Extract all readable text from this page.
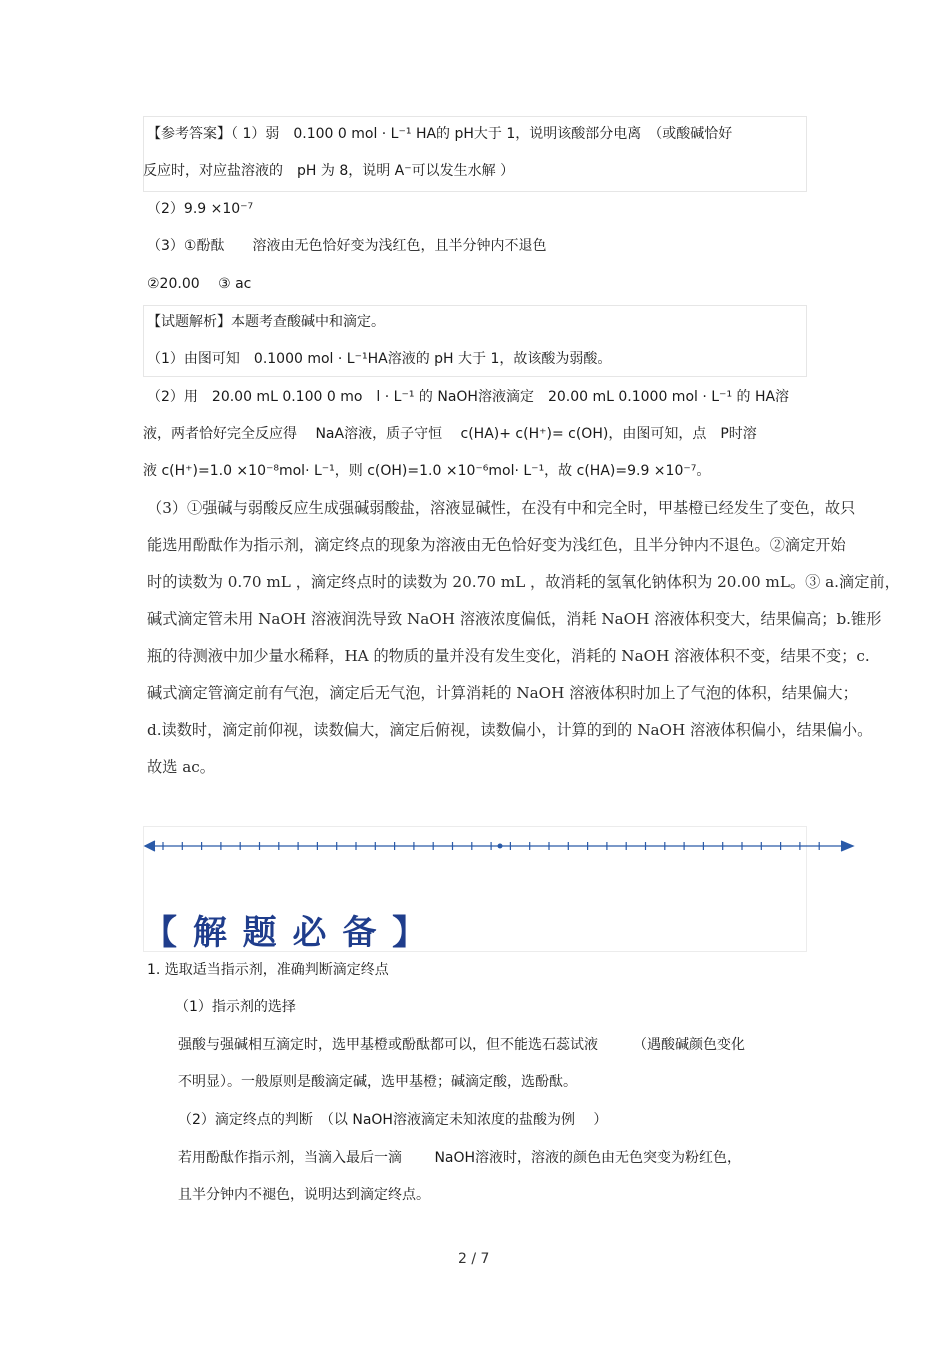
【参考答案】（ 1）弱　0.100 0 mol · L⁻¹ HA的 pH大于 1，说明该酸部分电离　（或酸碱恰好
反应时，对应盐溶液的　pH 为 8，说明 A⁻可以发生水解 ）
（2）9.9 ×10⁻⁷
（3）①酚酞　　溶液由无色恰好变为浅红色，且半分钟内不退色
②20.00　 ③ ac
【试题解析】本题考查酸碱中和滴定。
（1）由图可知　0.1000 mol · L⁻¹HA溶液的 pH 大于 1，故该酸为弱酸。
（2）用　20.00 mL 0.100 0 mo　l · L⁻¹ 的 NaOH溶液滴定　20.00 mL 0.1000 mol · L⁻¹ 的 HA溶
液，两者恰好完全反应得　 NaA溶液，质子守恒　 c(HA)+ c(H⁺)= c(OH)，由图可知，点　P时溶
液 c(H⁺)=1.0 ×10⁻⁸mol· L⁻¹，则 c(OH)=1.0 ×10⁻⁶mol· L⁻¹，故 c(HA)=9.9 ×10⁻⁷。
（3）①强碱与弱酸反应生成强碱弱酸盐，溶液显碱性，在没有中和完全时，甲基橙已经发生了变色，故只
能选用酚酞作为指示剂，滴定终点的现象为溶液由无色恰好变为浅红色，且半分钟内不退色。②滴定开始
时的读数为 0.70 mL ，滴定终点时的读数为 20.70 mL ，故消耗的氢氧化钠体积为 20.00 mL。③ a.滴定前，
碱式滴定管未用 NaOH 溶液润洗导致 NaOH 溶液浓度偏低，消耗 NaOH 溶液体积变大，结果偏高；b.锥形
瓶的待测液中加少量水稀释，HA 的物质的量并没有发生变化，消耗的 NaOH 溶液体积不变，结果不变；c.
碱式滴定管滴定前有气泡，滴定后无气泡，计算消耗的 NaOH 溶液体积时加上了气泡的体积，结果偏大；
d.读数时，滴定前仰视，读数偏大，滴定后俯视，读数偏小，计算的到的 NaOH 溶液体积偏小，结果偏小。
故选 ac。
【 解 题 必 备 】
1. 选取适当指示剂，准确判断滴定终点
（1）指示剂的选择
强酸与强碱相互滴定时，选甲基橙或酚酞都可以，但不能选石蕊试液　　　（遇酸碱颜色变化
不明显）。一般原则是酸滴定碱，选甲基橙；碱滴定酸，选酚酞。
（2）滴定终点的判断　（以 NaOH溶液滴定未知浓度的盐酸为例　 ）
若用酚酞作指示剂，当滴入最后一滴　　 NaOH溶液时，溶液的颜色由无色突变为粉红色，
且半分钟内不褪色，说明达到滴定终点。
2 / 7
